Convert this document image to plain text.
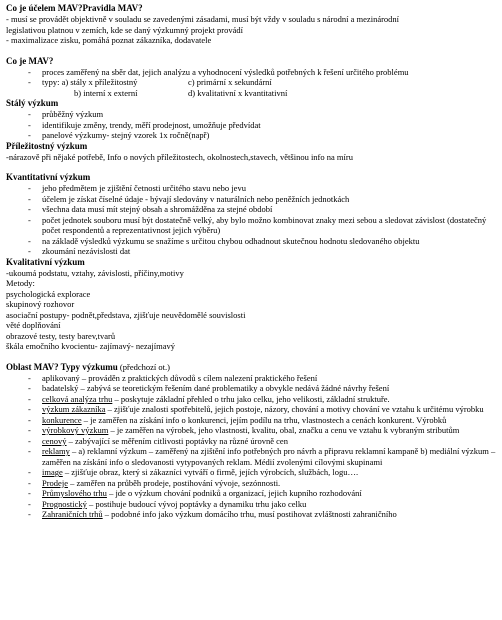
Co je účelem MAV?Pravidla MAV?
- musí se provádět objektivně v souladu se zavedenými zásadami, musí být vždy v souladu s národní a mezinárodní
legislativou platnou v zemích, kde se daný výzkumný projekt provádí
- maximalizace zisku, pomáhá poznat zákazníka, dodavatele
Co je MAV?
- proces zaměřený na sběr dat, jejich analýzu a vyhodnocení výsledků potřebných k řešení určitého problému
- typy: a) stály x příležitostný	c) primární x sekundární
b) interní x externí	d) kvalitativní x kvantitativní
Stálý výzkum
- průběžný výzkum
- identifikuje změny, trendy, měří prodejnost, umožňuje předvídat
- panelové výzkumy- stejný vzorek 1x ročně(např)
Příležitostný výzkum
-nárazově při nějaké potřebě, Info o nových příležitostech, okolnostech,stavech, většinou info na míru
Kvantitativní výzkum
- jeho předmětem je zjištění četnosti určitého stavu nebo jevu
- účelem je získat číselné údaje - bývají sledovány v naturálních nebo peněžních jednotkách
- všechna data musí mít stejný obsah a shromážděna za stejné období
- počet jednotek souboru musí být dostatečně velký, aby bylo možno kombinovat znaky mezi sebou a sledovat závislost (dostatečný počet respondentů a reprezentativnost jejich výběru)
- na základě výsledků výzkumu se snažíme s určitou chybou odhadnout skutečnou hodnotu sledovaného objektu
- zkoumání nezávislosti dat
Kvalitativní výzkum
-ukoumá podstatu, vztahy, závislosti, příčiny,motivy
Metody:
psychologická explorace
skupinový rozhovor
asociační postupy- podnět,představa, zjišťuje neuvědomělé souvislosti
věté doplňování
obrazové testy, testy barev,tvarů
škála emočního kvocientu- zajímavý- nezajímavý
Oblast MAV? Typy výzkumu (předchozí ot.)
- aplikovaný – prováděn z praktických důvodů s cílem nalezení praktického řešení
- badatelský – zabývá se teoretickým řešením dané problematiky a obvykle nedává žádné návrhy řešení
- celková analýza trhu – poskytuje základní přehled o trhu jako celku, jeho velikosti, základní struktuře.
- výzkum zákazníka – zjišťuje znalosti spotřebitelů, jejich postoje, názory, chování a motivy chování ve vztahu k určitému výrobku
- konkurence – je zaměřen na získání info o konkurenci, jejím podílu na trhu, vlastnostech a cenách konkurent. Výrobků
- výrobkový výzkum – je zaměřen na výrobek, jeho vlastnosti, kvalitu, obal, značku a cenu ve vztahu k vybraným stributům
- cenový – zabývající se měřením citlivosti poptávky na různé úrovně cen
- reklamy – a) reklamní výzkum – zaměřený na zjištění info potřebných pro návrh a připravu reklamní kampaně b) mediální výzkum – zaměřen na získání info o sledovanosti vytypovaných reklam. Médií zvolenými cílovými skupinami
- image – zjišťuje obraz, který si zákazníci vytváří o firmě, jejích výrobcích, službách, logu….
- Prodeje – zaměřen na průběh prodeje, postihování vývoje, sezónnosti.
- Průmyslového trhu – jde o výzkum chování podniků a organizací, jejich kupního rozhodování
- Prognostický – postihuje budoucí vývoj poptávky a dynamiku trhu jako celku
- Zahraničních trhů – podobné info jako výzkum domácího trhu, musí postihovat zvláštnosti zahraničního
